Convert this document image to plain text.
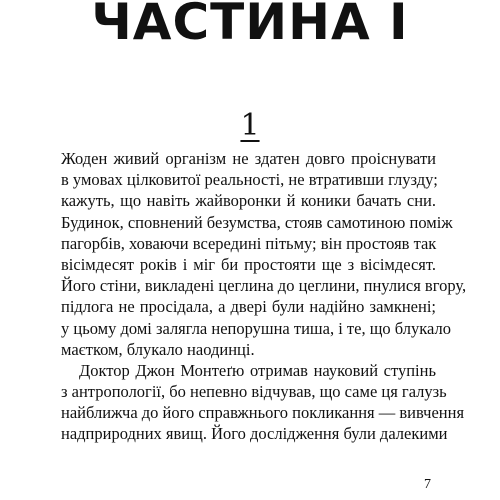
ЧАСТИНА І
1
Жоден живий організм не здатен довго проіснувати
в умовах цілковитої реальності, не втративши глузду;
кажуть, що навіть жайворонки й коники бачать сни.
Будинок, сповнений безумства, стояв самотиною поміж
пагорбів, ховаючи всередині пітьму; він простояв так
вісімдесят років і міг би простояти ще з вісімдесят.
Його стіни, викладені цеглина до цеглини, пнулися вгору,
підлога не просідала, а двері були надійно замкнені;
у цьому домі залягла непорушна тиша, і те, що блукало
маєтком, блукало наодинці.
Доктор Джон Монтеґю отримав науковий ступінь
з антропології, бо непевно відчував, що саме ця галузь
найближча до його справжнього покликання — вивчення
надприродних явищ. Його дослідження були далекими
7
